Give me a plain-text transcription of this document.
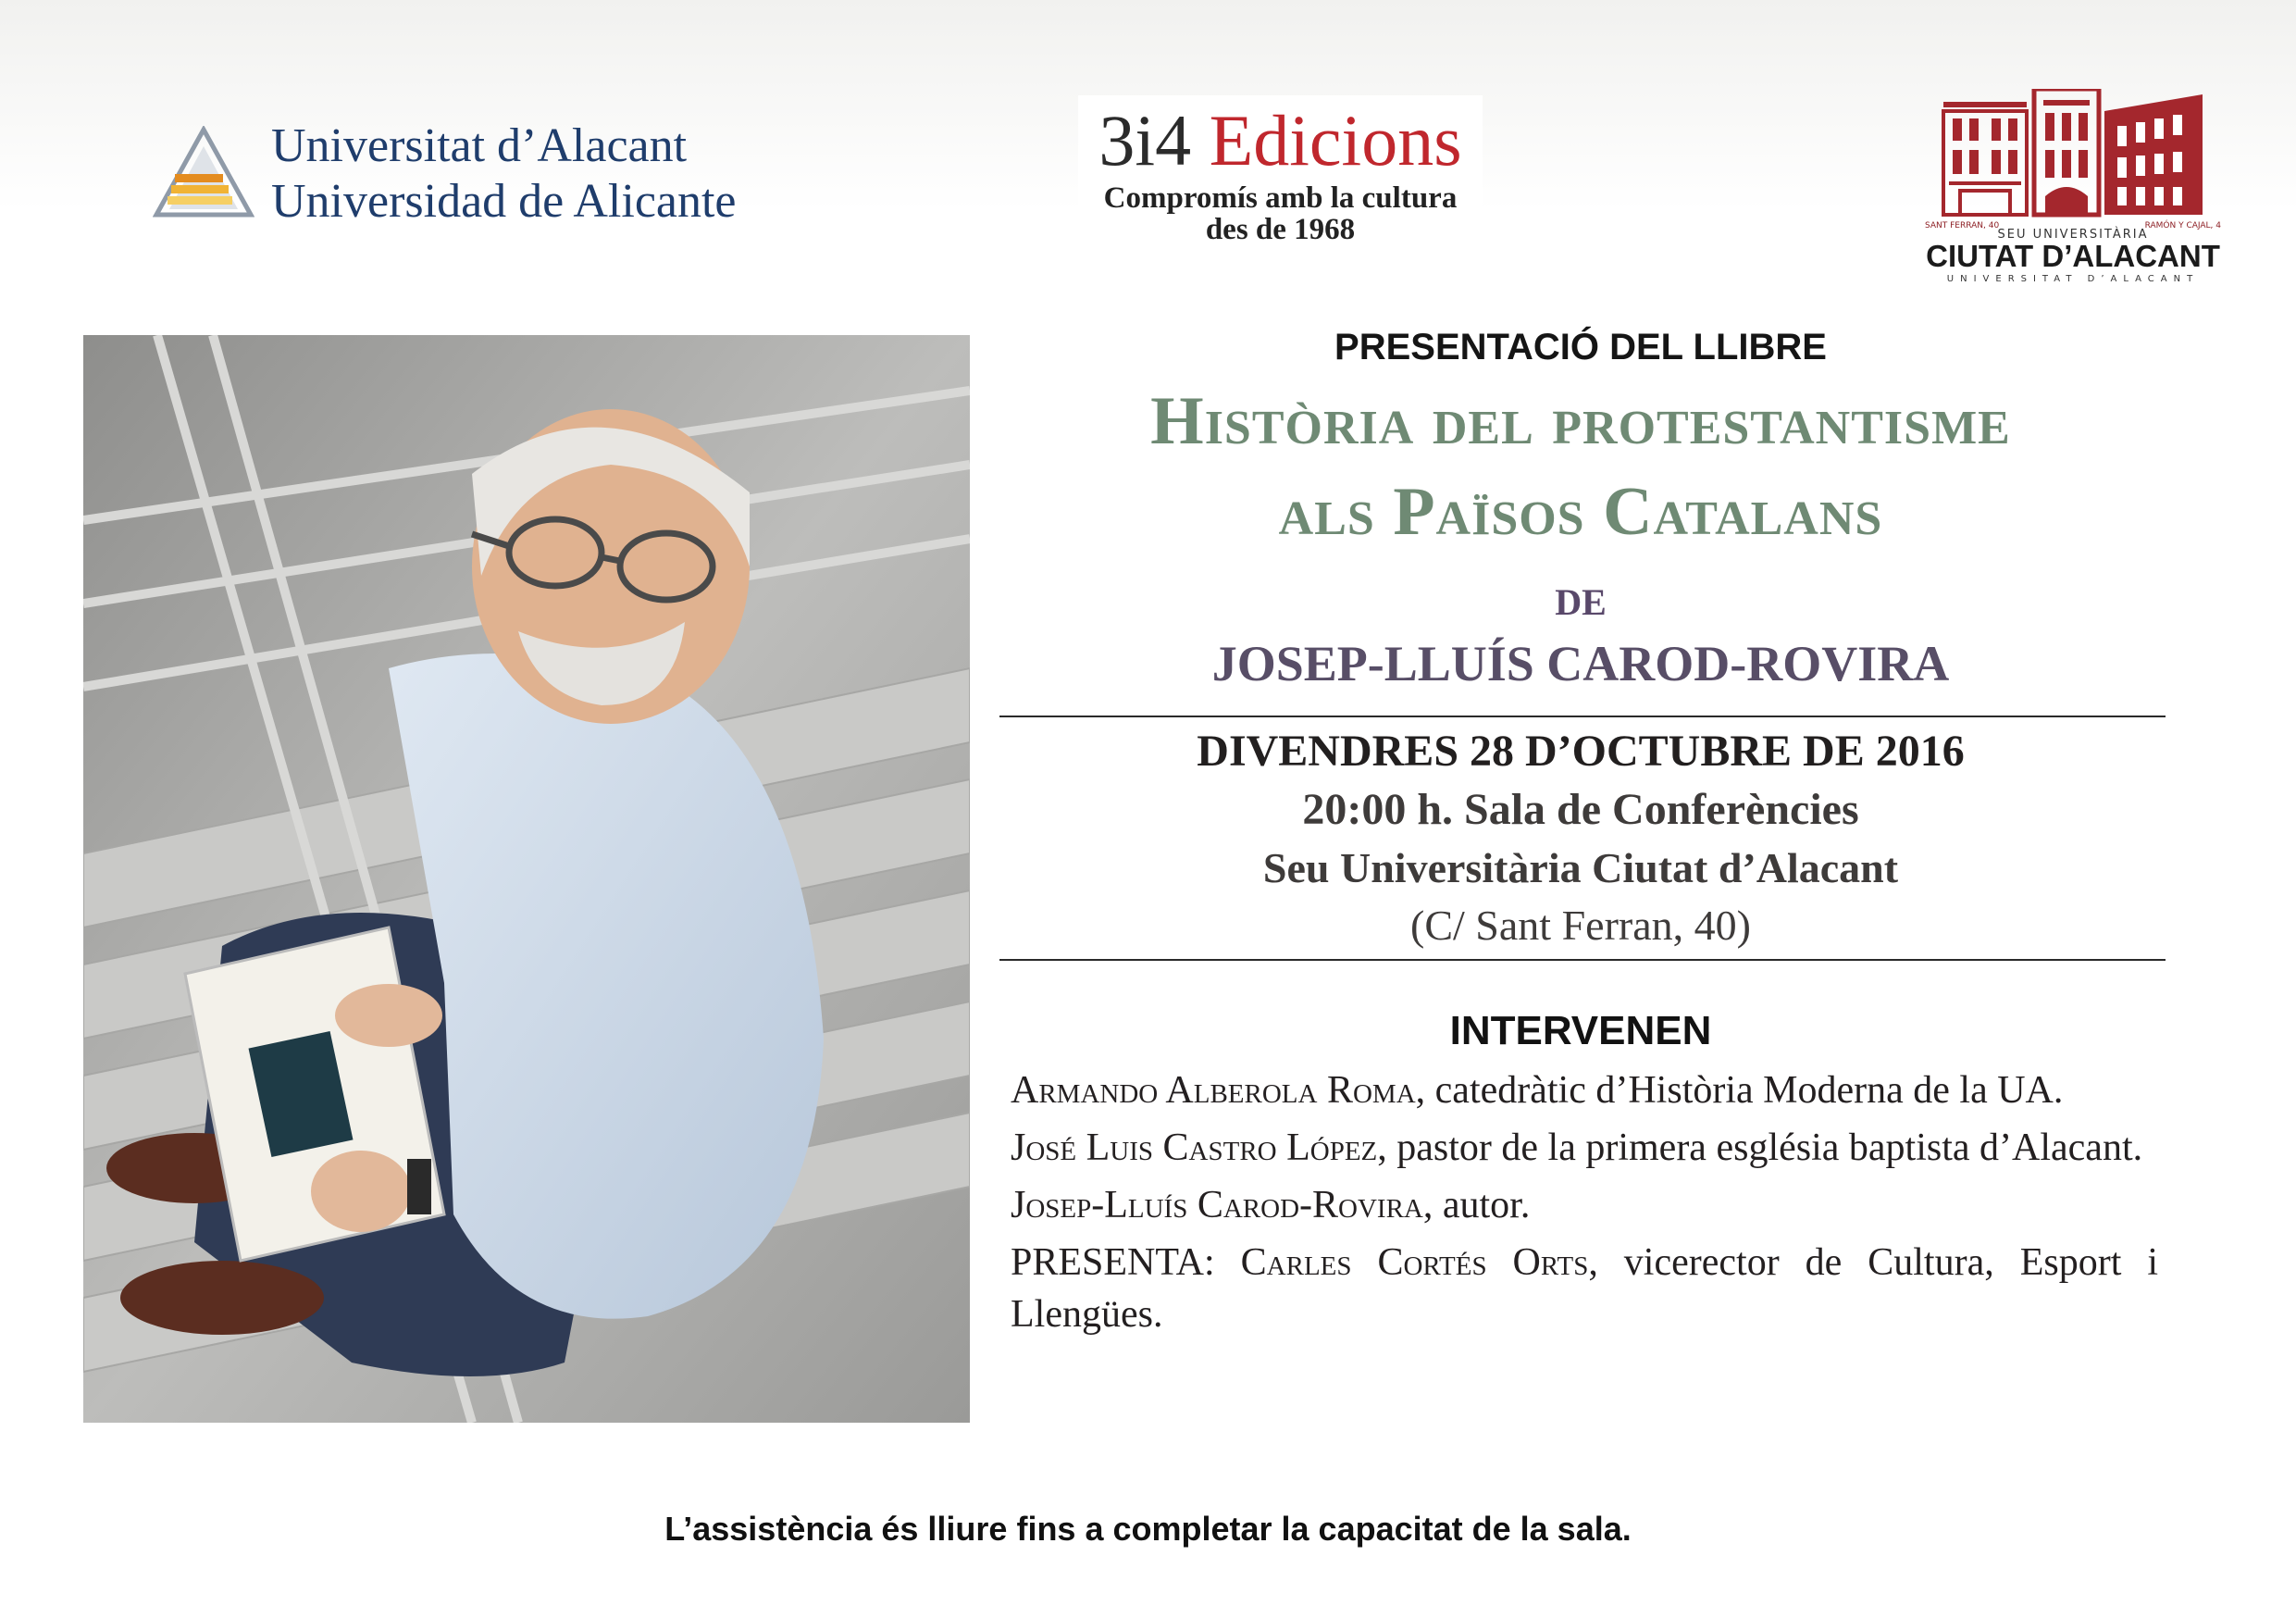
Universitat d’Alacant
Universidad de Alicante
3i4 Edicions
Compromís amb la cultura
des de 1968	SANT FERRAN, 40	RAMÓN Y CAJAL, 4
SEU UNIVERSITÀRIA
CIUTAT D’ALACANT
UNIVERSITAT D’ALACANT
PRESENTACIÓ DEL LLIBRE
Història del protestantisme
als Països Catalans
DE
JOSEP-LLUÍS CAROD-ROVIRA
DIVENDRES 28 D’OCTUBRE DE 2016
20:00 h. Sala de Conferències
Seu Universitària Ciutat d’Alacant
(C/ Sant Ferran, 40)
INTERVENEN
Armando Alberola Roma, catedràtic d’Història Moderna de la UA.
José Luis Castro López, pastor de la primera església baptista d’Alacant.
Josep-Lluís Carod-Rovira, autor.
PRESENTA: Carles Cortés Orts, vicerector de Cultura, Esport i Llengües.
L’assistència és lliure fins a completar la capacitat de la sala.
